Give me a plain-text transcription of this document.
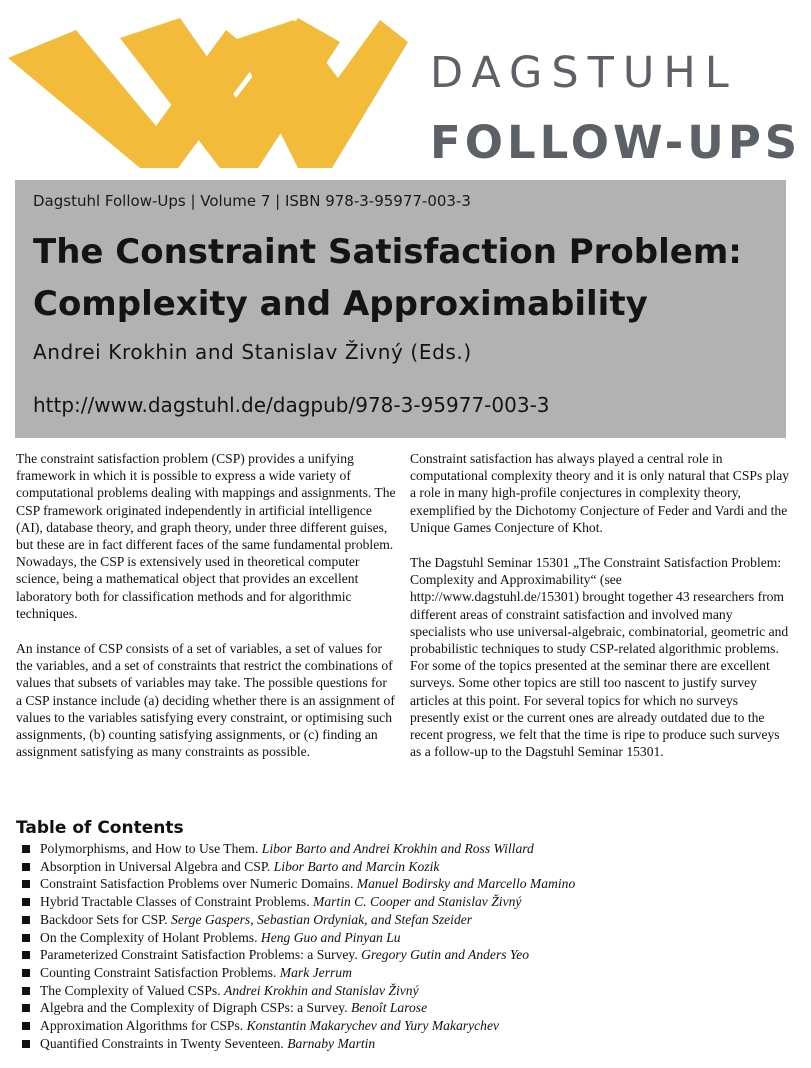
DAGSTUHL
FOLLOW-UPS
Dagstuhl Follow-Ups | Volume 7 | ISBN 978-3-95977-003-3
The Constraint Satisfaction Problem:
Complexity and Approximability
Andrei Krokhin and Stanislav Živný (Eds.)
http://www.dagstuhl.de/dagpub/978-3-95977-003-3

The constraint satisfaction problem (CSP) provides a unifying framework in which it is possible to express a wide variety of computational problems dealing with mappings and assignments. The CSP framework originated independently in artificial intelligence (AI), database theory, and graph theory, under three different guises, but these are in fact different faces of the same fundamental problem. Nowadays, the CSP is extensively used in theoretical computer science, being a mathematical object that provides an excellent laboratory both for classification methods and for algorithmic techniques.

An instance of CSP consists of a set of variables, a set of values for the variables, and a set of constraints that restrict the combinations of values that subsets of variables may take. The possible questions for a CSP instance include (a) deciding whether there is an assignment of values to the variables satisfying every constraint, or optimising such assignments, (b) counting satisfying assignments, or (c) finding an assignment satisfying as many constraints as possible.

Constraint satisfaction has always played a central role in computational complexity theory and it is only natural that CSPs play a role in many high-profile conjectures in complexity theory, exemplified by the Dichotomy Conjecture of Feder and Vardi and the Unique Games Conjecture of Khot.

The Dagstuhl Seminar 15301 „The Constraint Satisfaction Problem: Complexity and Approximability“ (see http://www.dagstuhl.de/15301) brought together 43 researchers from different areas of constraint satisfaction and involved many specialists who use universal-algebraic, combinatorial, geometric and probabilistic techniques to study CSP-related algorithmic problems. For some of the topics presented at the seminar there are excellent surveys. Some other topics are still too nascent to justify survey articles at this point. For several topics for which no surveys presently exist or the current ones are already outdated due to the recent progress, we felt that the time is ripe to produce such surveys as a follow-up to the Dagstuhl Seminar 15301.

Table of Contents
Polymorphisms, and How to Use Them. Libor Barto and Andrei Krokhin and Ross Willard
Absorption in Universal Algebra and CSP. Libor Barto and Marcin Kozik
Constraint Satisfaction Problems over Numeric Domains. Manuel Bodirsky and Marcello Mamino
Hybrid Tractable Classes of Constraint Problems. Martin C. Cooper and Stanislav Živný
Backdoor Sets for CSP. Serge Gaspers, Sebastian Ordyniak, and Stefan Szeider
On the Complexity of Holant Problems. Heng Guo and Pinyan Lu
Parameterized Constraint Satisfaction Problems: a Survey. Gregory Gutin and Anders Yeo
Counting Constraint Satisfaction Problems. Mark Jerrum
The Complexity of Valued CSPs. Andrei Krokhin and Stanislav Živný
Algebra and the Complexity of Digraph CSPs: a Survey. Benoît Larose
Approximation Algorithms for CSPs. Konstantin Makarychev and Yury Makarychev
Quantified Constraints in Twenty Seventeen. Barnaby Martin
